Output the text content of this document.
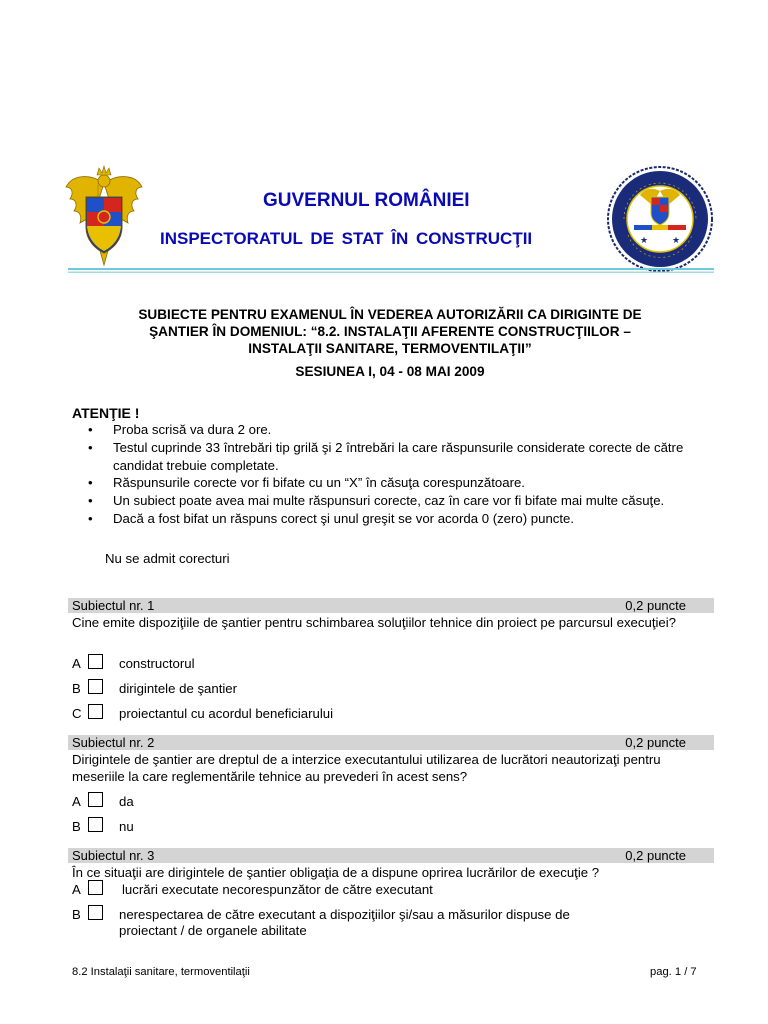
GUVERNUL ROMÂNIEI
INSPECTORATUL DE STAT ÎN CONSTRUCŢII	★	★
SUBIECTE PENTRU EXAMENUL ÎN VEDEREA AUTORIZĂRII CA DIRIGINTE DE
ŞANTIER ÎN DOMENIUL: “8.2. INSTALAŢII AFERENTE CONSTRUCŢIILOR –
INSTALAŢII SANITARE, TERMOVENTILAŢII”
SESIUNEA I, 04 - 08 MAI 2009
ATENŢIE !
• Proba scrisă va dura 2 ore.
• Testul cuprinde 33 întrebări tip grilă şi 2 întrebări la care răspunsurile considerate corecte de către candidat trebuie completate.
• Răspunsurile corecte vor fi bifate cu un “X” în căsuţa corespunzătoare.
• Un subiect poate avea mai multe răspunsuri corecte, caz în care vor fi bifate mai multe căsuţe.
• Dacă a fost bifat un răspuns corect şi unul greşit se vor acorda 0 (zero) puncte.
Nu se admit corecturi
Subiectul nr. 1	0,2 puncte
Cine emite dispoziţiile de şantier pentru schimbarea soluţiilor tehnice din proiect pe parcursul execuţiei?
A	constructorul
B	dirigintele de şantier
C	proiectantul cu acordul beneficiarului
Subiectul nr. 2	0,2 puncte
Dirigintele de şantier are dreptul de a interzice executantului utilizarea de lucrători neautorizaţi pentru meseriile la care reglementările tehnice au prevederi în acest sens?
A	da
B	nu
Subiectul nr. 3	0,2 puncte
În ce situaţii are dirigintele de şantier obligaţia de a dispune oprirea lucrărilor de execuţie ?
A	lucrări executate necorespunzător de către executant
B	nerespectarea de către executant a dispoziţiilor şi/sau a măsurilor dispuse de
proiectant / de organele abilitate
8.2 Instalaţii sanitare, termoventilaţii	pag. 1 / 7
